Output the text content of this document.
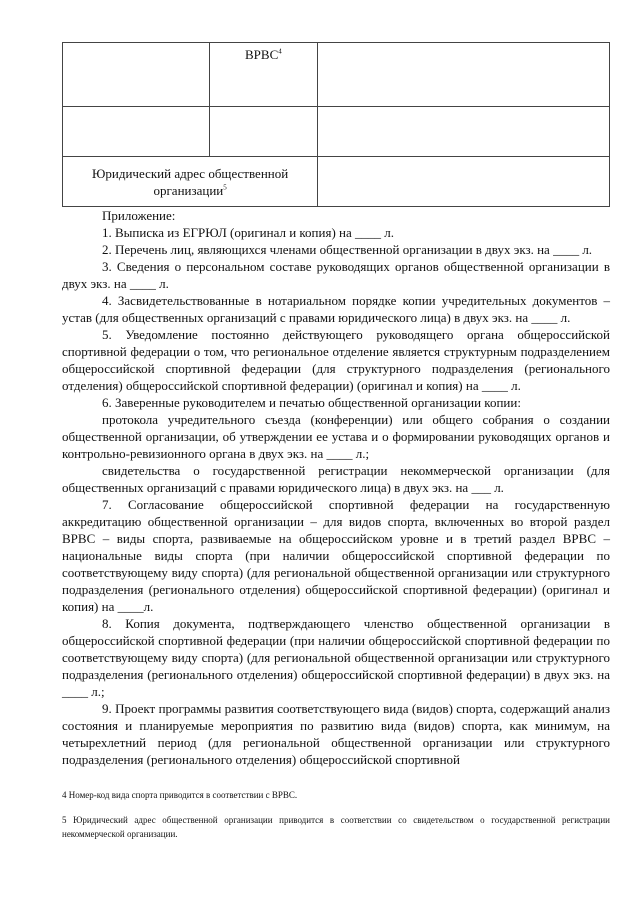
	ВРВС$^4$	

Юридический адрес общественной организации$^5$	

Приложение:

1. Выписка из ЕГРЮЛ (оригинал и копия) на ____ л.

2. Перечень лиц, являющихся членами общественной организации в двух экз. на ____ л.

3. Сведения о персональном составе руководящих органов общественной организации в двух экз. на ____ л.

4. Засвидетельствованные в нотариальном порядке копии учредительных документов – устав (для общественных организаций с правами юридического лица) в двух экз. на ____ л.

5. Уведомление постоянно действующего руководящего органа общероссийской спортивной федерации о том, что региональное отделение является структурным подразделением общероссийской спортивной федерации (для структурного подразделения (регионального отделения) общероссийской спортивной федерации) (оригинал и копия) на ____ л.

6. Заверенные руководителем и печатью общественной организации копии:

протокола учредительного съезда (конференции) или общего собрания о создании общественной организации, об утверждении ее устава и о формировании руководящих органов и контрольно-ревизионного органа в двух экз. на ____ л.;

свидетельства о государственной регистрации некоммерческой организации (для общественных организаций с правами юридического лица) в двух экз. на ___ л.

7. Согласование общероссийской спортивной федерации на государственную аккредитацию общественной организации – для видов спорта, включенных во второй раздел ВРВС – виды спорта, развиваемые на общероссийском уровне и в третий раздел ВРВС – национальные виды спорта (при наличии общероссийской спортивной федерации по соответствующему виду спорта) (для региональной общественной организации или структурного подразделения (регионального отделения) общероссийской спортивной федерации) (оригинал и копия) на ____л.

8. Копия документа, подтверждающего членство общественной организации в общероссийской спортивной федерации (при наличии общероссийской спортивной федерации по соответствующему виду спорта) (для региональной общественной организации или структурного подразделения (регионального отделения) общероссийской спортивной федерации) в двух экз. на ____ л.;

9. Проект программы развития соответствующего вида (видов) спорта, содержащий анализ состояния и планируемые мероприятия по развитию вида (видов) спорта, как минимум, на четырехлетний период (для региональной общественной организации или структурного подразделения (регионального отделения) общероссийской спортивной

4 Номер-код вида спорта приводится в соответствии с ВРВС.
5 Юридический адрес общественной организации приводится в соответствии со свидетельством о государственной регистрации некоммерческой организации.
